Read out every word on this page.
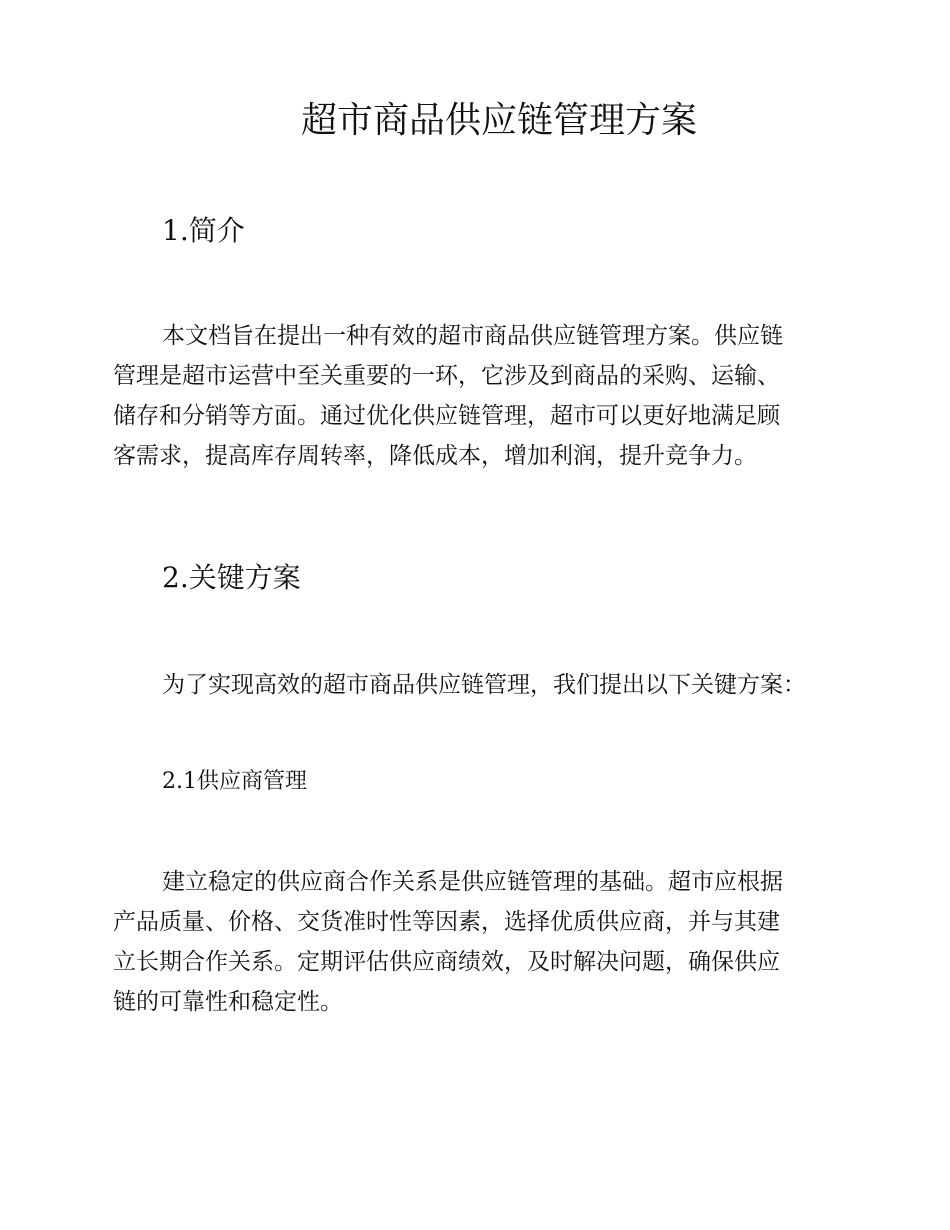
超市商品供应链管理方案
1.简介

本文档旨在提出一种有效的超市商品供应链管理方案。供应链
管理是超市运营中至关重要的一环，它涉及到商品的采购、运输、
储存和分销等方面。通过优化供应链管理，超市可以更好地满足顾
客需求，提高库存周转率，降低成本，增加利润，提升竞争力。

2.关键方案

为了实现高效的超市商品供应链管理，我们提出以下关键方案：

2.1供应商管理

建立稳定的供应商合作关系是供应链管理的基础。超市应根据
产品质量、价格、交货准时性等因素，选择优质供应商，并与其建
立长期合作关系。定期评估供应商绩效，及时解决问题，确保供应
链的可靠性和稳定性。
